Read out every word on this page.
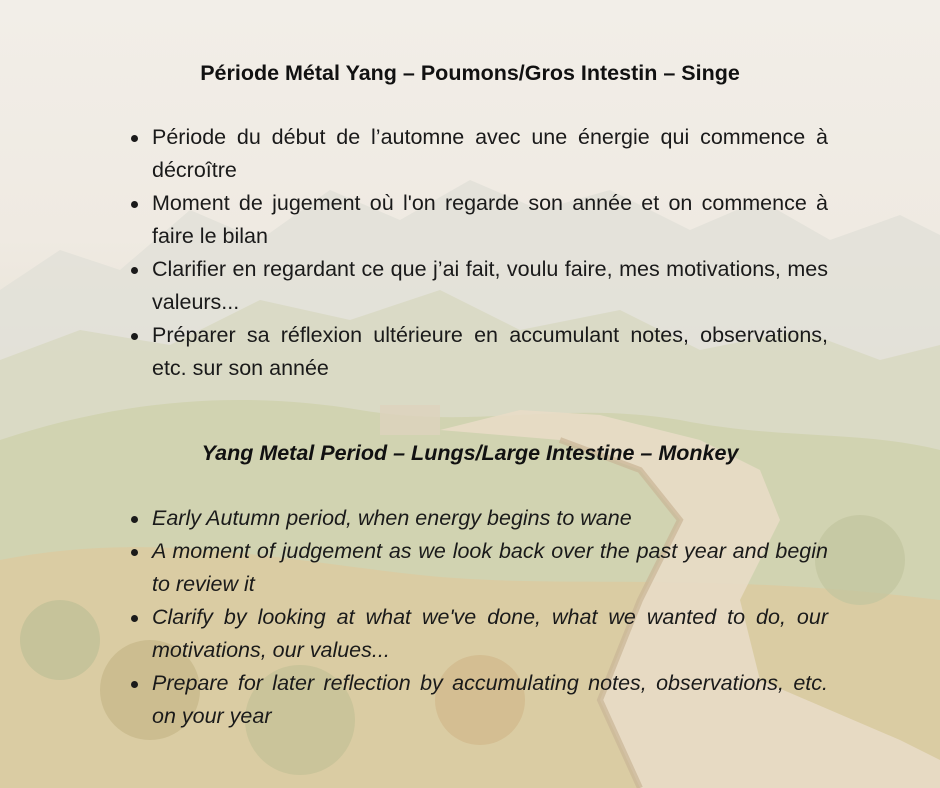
Période Métal Yang – Poumons/Gros Intestin – Singe
Période du début de l’automne avec une énergie qui commence à décroître
Moment de jugement où l'on regarde son année et on commence à faire le bilan
Clarifier en regardant ce que j’ai fait, voulu faire, mes motivations, mes valeurs...
Préparer sa réflexion ultérieure en accumulant notes, observations, etc. sur son année
Yang Metal Period – Lungs/Large Intestine – Monkey
Early Autumn period, when energy begins to wane
A moment of judgement as we look back over the past year and begin to review it
Clarify by looking at what we've done, what we wanted to do, our motivations, our values...
Prepare for later reflection by accumulating notes, observations, etc. on your year
